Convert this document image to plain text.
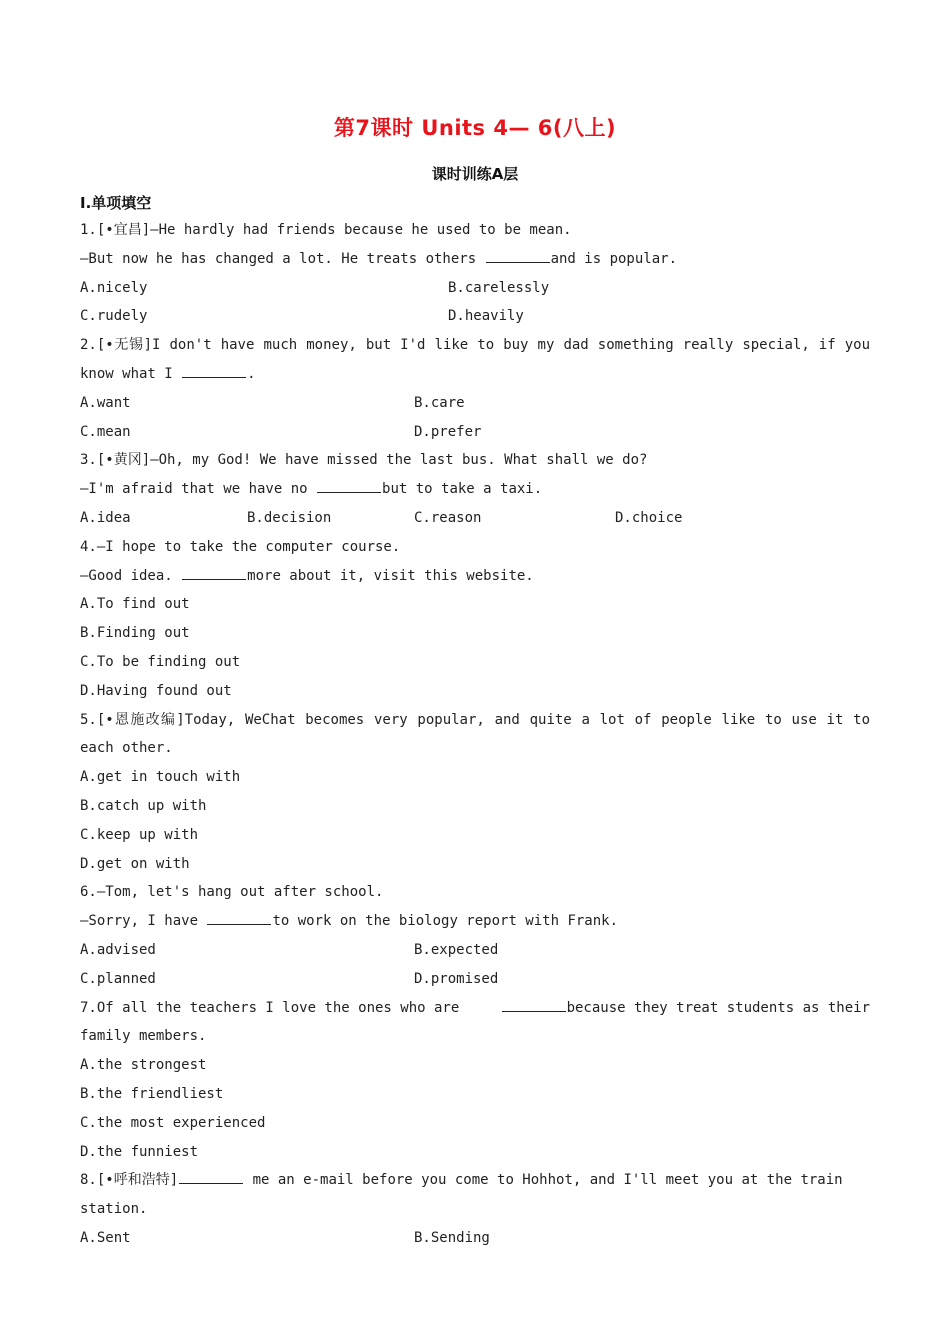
第7课时 Units 4— 6(八上)
课时训练A层
Ⅰ.单项填空
1.[•宜昌]—He hardly had friends because he used to be mean.
—But now he has changed a lot. He treats others	and is popular.
A.nicely	B.carelessly
C.rudely	D.heavily
2.[•无锡]I don't have much money, but I'd like to buy my dad something really special, if you
know what I	.
A.want	B.care
C.mean	D.prefer
3.[•黄冈]—Oh, my God! We have missed the last bus. What shall we do?
—I'm afraid that we have no	but to take a taxi.
A.idea	B.decision	C.reason	D.choice
4.—I hope to take the computer course.
—Good idea.	more about it, visit this website.
A.To find out
B.Finding out
C.To be finding out
D.Having found out
5.[•恩施改编]Today, WeChat becomes very popular, and quite a lot of people like to use it to
each other.
A.get in touch with
B.catch up with
C.keep up with
D.get on with
6.—Tom, let's hang out after school.
—Sorry, I have	to work on the biology report with Frank.
A.advised	B.expected
C.planned	D.promised
7.Of all the teachers I love the ones who are	because they treat students as their
family members.
A.the strongest
B.the friendliest
C.the most experienced
D.the funniest
8.[•呼和浩特]	me an e-mail before you come to Hohhot, and I'll meet you at the train
station.
A.Sent	B.Sending
